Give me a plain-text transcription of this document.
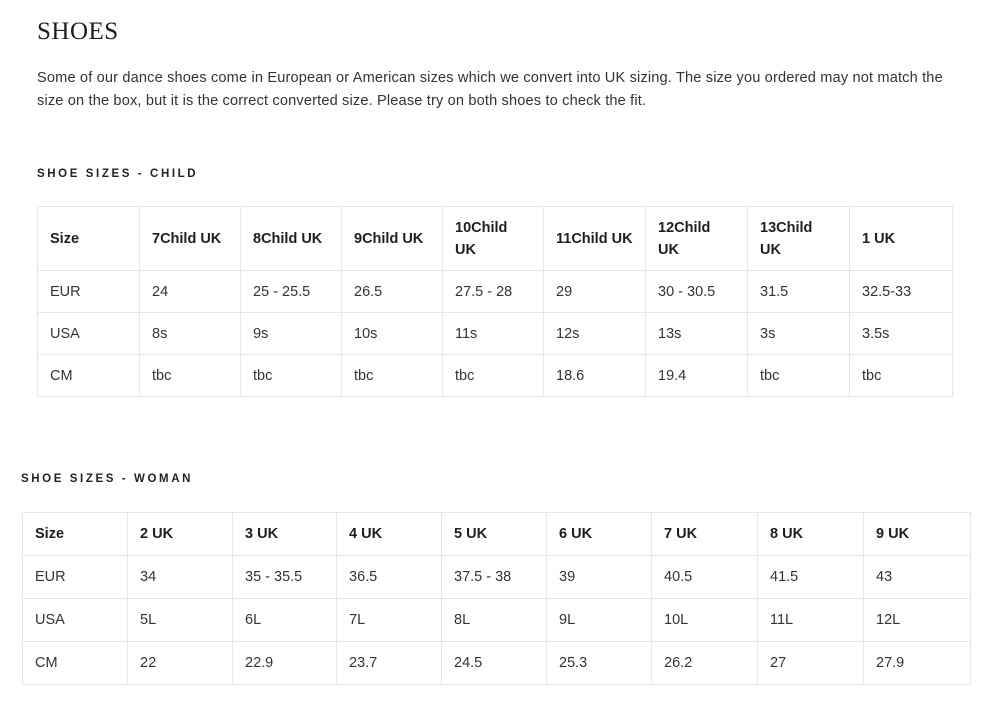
SHOES

Some of our dance shoes come in European or American sizes which we convert into UK sizing. The size you ordered may not match the size on the box, but it is the correct converted size. Please try on both shoes to check the fit.

SHOE SIZES - CHILD
Size	7Child UK	8Child UK	9Child UK	10Child UK	11Child UK	12Child UK	13Child UK	1 UK
EUR	24	25 - 25.5	26.5	27.5 - 28	29	30 - 30.5	31.5	32.5-33
USA	8s	9s	10s	11s	12s	13s	3s	3.5s
CM	tbc	tbc	tbc	tbc	18.6	19.4	tbc	tbc
SHOE SIZES - WOMAN
Size	2 UK	3 UK	4 UK	5 UK	6 UK	7 UK	8 UK	9 UK
EUR	34	35 - 35.5	36.5	37.5 - 38	39	40.5	41.5	43
USA	5L	6L	7L	8L	9L	10L	11L	12L
CM	22	22.9	23.7	24.5	25.3	26.2	27	27.9
